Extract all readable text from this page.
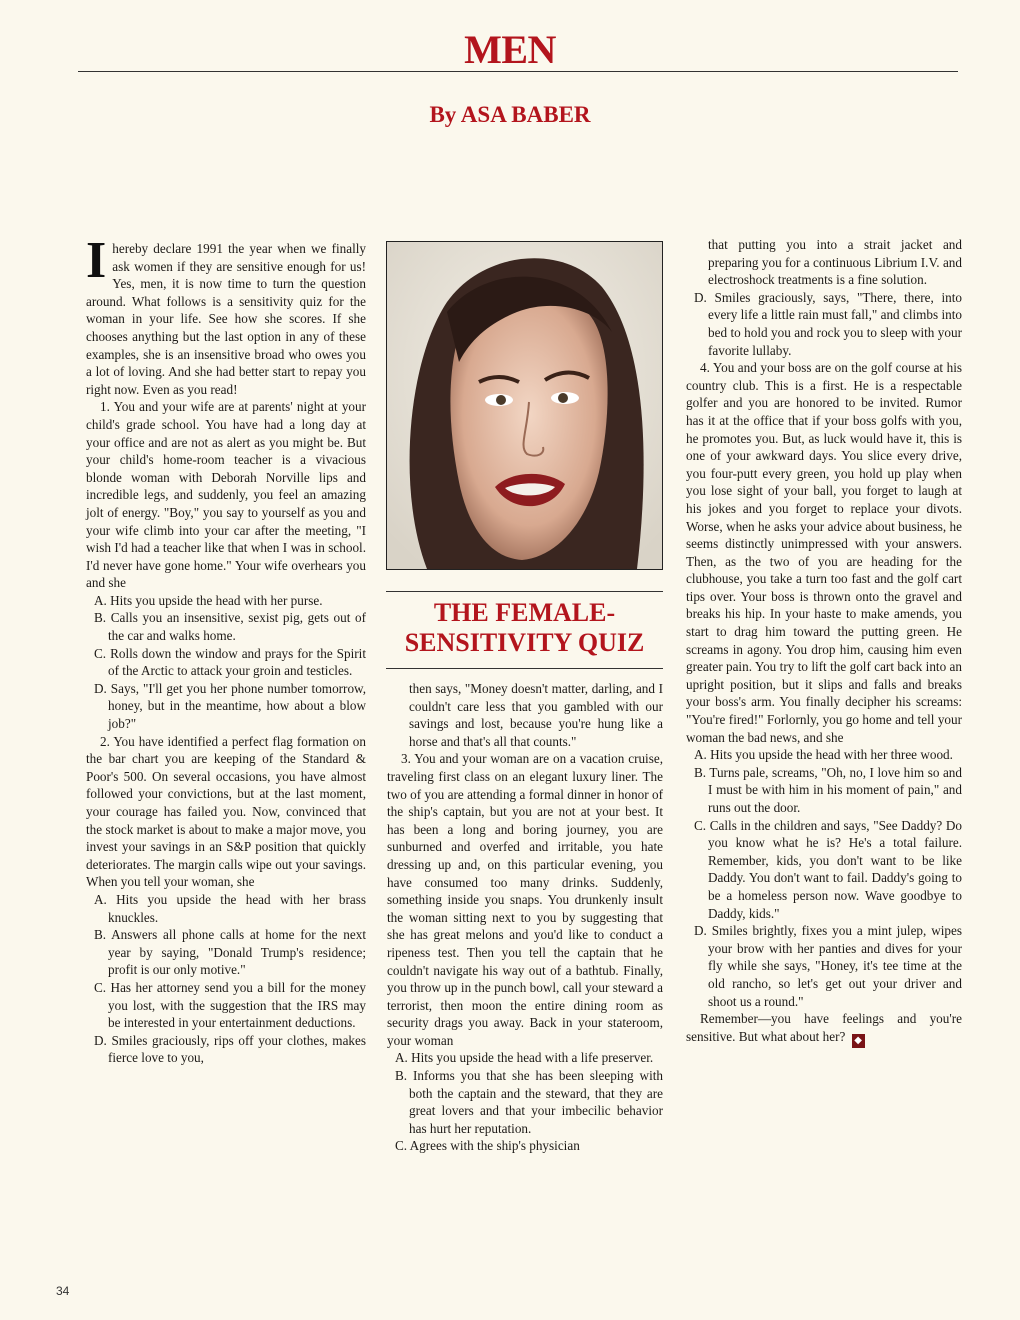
MEN
By ASA BABER

Ihereby declare 1991 the year when we finally ask women if they are sensitive enough for us! Yes, men, it is now time to turn the question around. What follows is a sensitivity quiz for the woman in your life. See how she scores. If she chooses anything but the last option in any of these examples, she is an insensitive broad who owes you a lot of loving. And she had better start to repay you right now. Even as you read!

1. You and your wife are at parents' night at your child's grade school. You have had a long day at your office and are not as alert as you might be. But your child's home-room teacher is a vivacious blonde woman with Deborah Norville lips and incredible legs, and suddenly, you feel an amazing jolt of energy. "Boy," you say to yourself as you and your wife climb into your car after the meeting, "I wish I'd had a teacher like that when I was in school. I'd never have gone home." Your wife overhears you and she

A. Hits you upside the head with her purse.
B. Calls you an insensitive, sexist pig, gets out of the car and walks home.
C. Rolls down the window and prays for the Spirit of the Arctic to attack your groin and testicles.
D. Says, "I'll get you her phone number tomorrow, honey, but in the meantime, how about a blow job?"

2. You have identified a perfect flag formation on the bar chart you are keeping of the Standard & Poor's 500. On several occasions, you have almost followed your convictions, but at the last moment, your courage has failed you. Now, convinced that the stock market is about to make a major move, you invest your savings in an S&P position that quickly deteriorates. The margin calls wipe out your savings. When you tell your woman, she

A. Hits you upside the head with her brass knuckles.
B. Answers all phone calls at home for the next year by saying, "Donald Trump's residence; profit is our only motive."
C. Has her attorney send you a bill for the money you lost, with the suggestion that the IRS may be interested in your entertainment deductions.
D. Smiles graciously, rips off your clothes, makes fierce love to you,
THE FEMALE-SENSITIVITY QUIZ

then says, "Money doesn't matter, darling, and I couldn't care less that you gambled with our savings and lost, because you're hung like a horse and that's all that counts."

3. You and your woman are on a vacation cruise, traveling first class on an elegant luxury liner. The two of you are attending a formal dinner in honor of the ship's captain, but you are not at your best. It has been a long and boring journey, you are sunburned and overfed and irritable, you hate dressing up and, on this particular evening, you have consumed too many drinks. Suddenly, something inside you snaps. You drunkenly insult the woman sitting next to you by suggesting that she has great melons and you'd like to conduct a ripeness test. Then you tell the captain that he couldn't navigate his way out of a bathtub. Finally, you throw up in the punch bowl, call your steward a terrorist, then moon the entire dining room as security drags you away. Back in your stateroom, your woman

A. Hits you upside the head with a life preserver.
B. Informs you that she has been sleeping with both the captain and the steward, that they are great lovers and that your imbecilic behavior has hurt her reputation.
C. Agrees with the ship's physician

that putting you into a strait jacket and preparing you for a continuous Librium I.V. and electroshock treatments is a fine solution.

D. Smiles graciously, says, "There, there, into every life a little rain must fall," and climbs into bed to hold you and rock you to sleep with your favorite lullaby.

4. You and your boss are on the golf course at his country club. This is a first. He is a respectable golfer and you are honored to be invited. Rumor has it at the office that if your boss golfs with you, he promotes you. But, as luck would have it, this is one of your awkward days. You slice every drive, you four-putt every green, you hold up play when you lose sight of your ball, you forget to laugh at his jokes and you forget to replace your divots. Worse, when he asks your advice about business, he seems distinctly unimpressed with your answers. Then, as the two of you are heading for the clubhouse, you take a turn too fast and the golf cart tips over. Your boss is thrown onto the gravel and breaks his hip. In your haste to make amends, you start to drag him toward the putting green. He screams in agony. You drop him, causing him even greater pain. You try to lift the golf cart back into an upright position, but it slips and falls and breaks your boss's arm. You finally decipher his screams: "You're fired!" Forlornly, you go home and tell your woman the bad news, and she

A. Hits you upside the head with her three wood.
B. Turns pale, screams, "Oh, no, I love him so and I must be with him in his moment of pain," and runs out the door.
C. Calls in the children and says, "See Daddy? Do you know what he is? He's a total failure. Remember, kids, you don't want to be like Daddy. You don't want to fail. Daddy's going to be a homeless person now. Wave goodbye to Daddy, kids."
D. Smiles brightly, fixes you a mint julep, wipes your brow with her panties and dives for your fly while she says, "Honey, it's tee time at the old rancho, so let's get out your driver and shoot us a round."

Remember—you have feelings and you're sensitive. But what about her? ◆

34
